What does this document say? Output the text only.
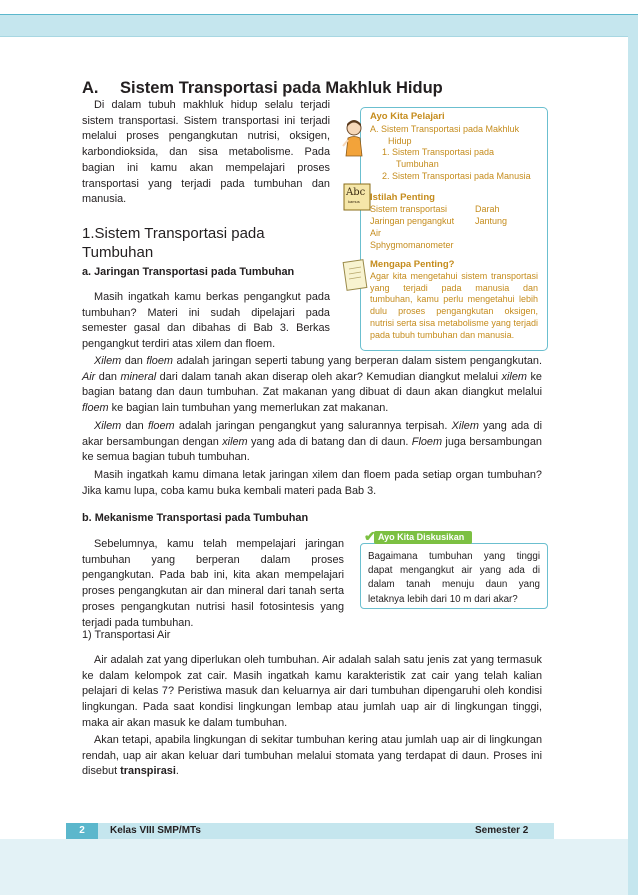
A. Sistem Transportasi pada Makhluk Hidup

Di dalam tubuh makhluk hidup selalu terjadi sistem transportasi. Sistem transportasi ini terjadi melalui proses pengangkutan nutrisi, oksigen, karbondioksida, dan sisa metabolisme. Pada bagian ini kamu akan mempelajari proses transportasi yang terjadi pada tumbuhan dan manusia.

1.Sistem Transportasi pada
Tumbuhan
a. Jaringan Transportasi pada Tumbuhan

Masih ingatkah kamu berkas pengangkut pada tumbuhan? Materi ini sudah dipelajari pada semester gasal dan dibahas di Bab 3. Berkas pengangkut terdiri atas xilem dan floem.

Xilem dan floem adalah jaringan seperti tabung yang berperan dalam sistem pengangkutan. Air dan mineral dari dalam tanah akan diserap oleh akar? Kemudian diangkut melalui xilem ke bagian batang dan daun tumbuhan. Zat makanan yang dibuat di daun akan diangkut melalui floem ke bagian lain tumbuhan yang memerlukan zat makanan.

Xilem dan floem adalah jaringan pengangkut yang salurannya terpisah. Xilem yang ada di akar bersambungan dengan xilem yang ada di batang dan di daun. Floem juga bersambungan ke semua bagian tubuh tumbuhan.

Masih ingatkah kamu dimana letak jaringan xilem dan floem pada setiap organ tumbuhan? Jika kamu lupa, coba kamu buka kembali materi pada Bab 3.

b. Mekanisme Transportasi pada Tumbuhan

Sebelumnya, kamu telah mempelajari jaringan tumbuhan yang berperan dalam proses pengangkutan. Pada bab ini, kita akan mempelajari proses pengangkutan air dan mineral dari tanah serta proses pengangkutan nutrisi hasil fotosintesis yang terjadi pada tumbuhan.

1) Transportasi Air

Air adalah zat yang diperlukan oleh tumbuhan. Air adalah salah satu jenis zat yang termasuk ke dalam kelompok zat cair. Masih ingatkah kamu karakteristik zat cair yang telah kalian pelajari di kelas 7? Peristiwa masuk dan keluarnya air dari tumbuhan dipengaruhi oleh kondisi lingkungan. Pada saat kondisi lingkungan lembap atau jumlah uap air di lingkungan tinggi, maka air akan masuk ke dalam tumbuhan.

Akan tetapi, apabila lingkungan di sekitar tumbuhan kering atau jumlah uap air di lingkungan rendah, uap air akan keluar dari tumbuhan melalui stomata yang terdapat di daun. Proses ini disebut transpirasi.

Abc
kamus
Ayo Kita Pelajari
A. Sistem Transportasi pada Makhluk
Hidup
1. Sistem Transportasi pada
Tumbuhan
2. Sistem Transportasi pada Manusia
Istilah Penting
Sistem transportasi	Darah
Jaringan pengangkut Jantung
Air
Sphygmomanometer
Mengapa Penting?

Agar kita mengetahui sistem transportasi yang terjadi pada manusia dan tumbuhan, kamu perlu mengetahui lebih dulu proses pengangkutan oksigen, nutrisi serta sisa metabolisme yang terjadi pada tubuh tumbuhan dan manusia.

Ayo Kita Diskusikan
✔

Bagaimana tumbuhan yang tinggi dapat mengangkut air yang ada di dalam tanah menuju daun yang letaknya lebih dari 10 m dari akar?

2	Kelas VIII SMP/MTs	Semester 2
